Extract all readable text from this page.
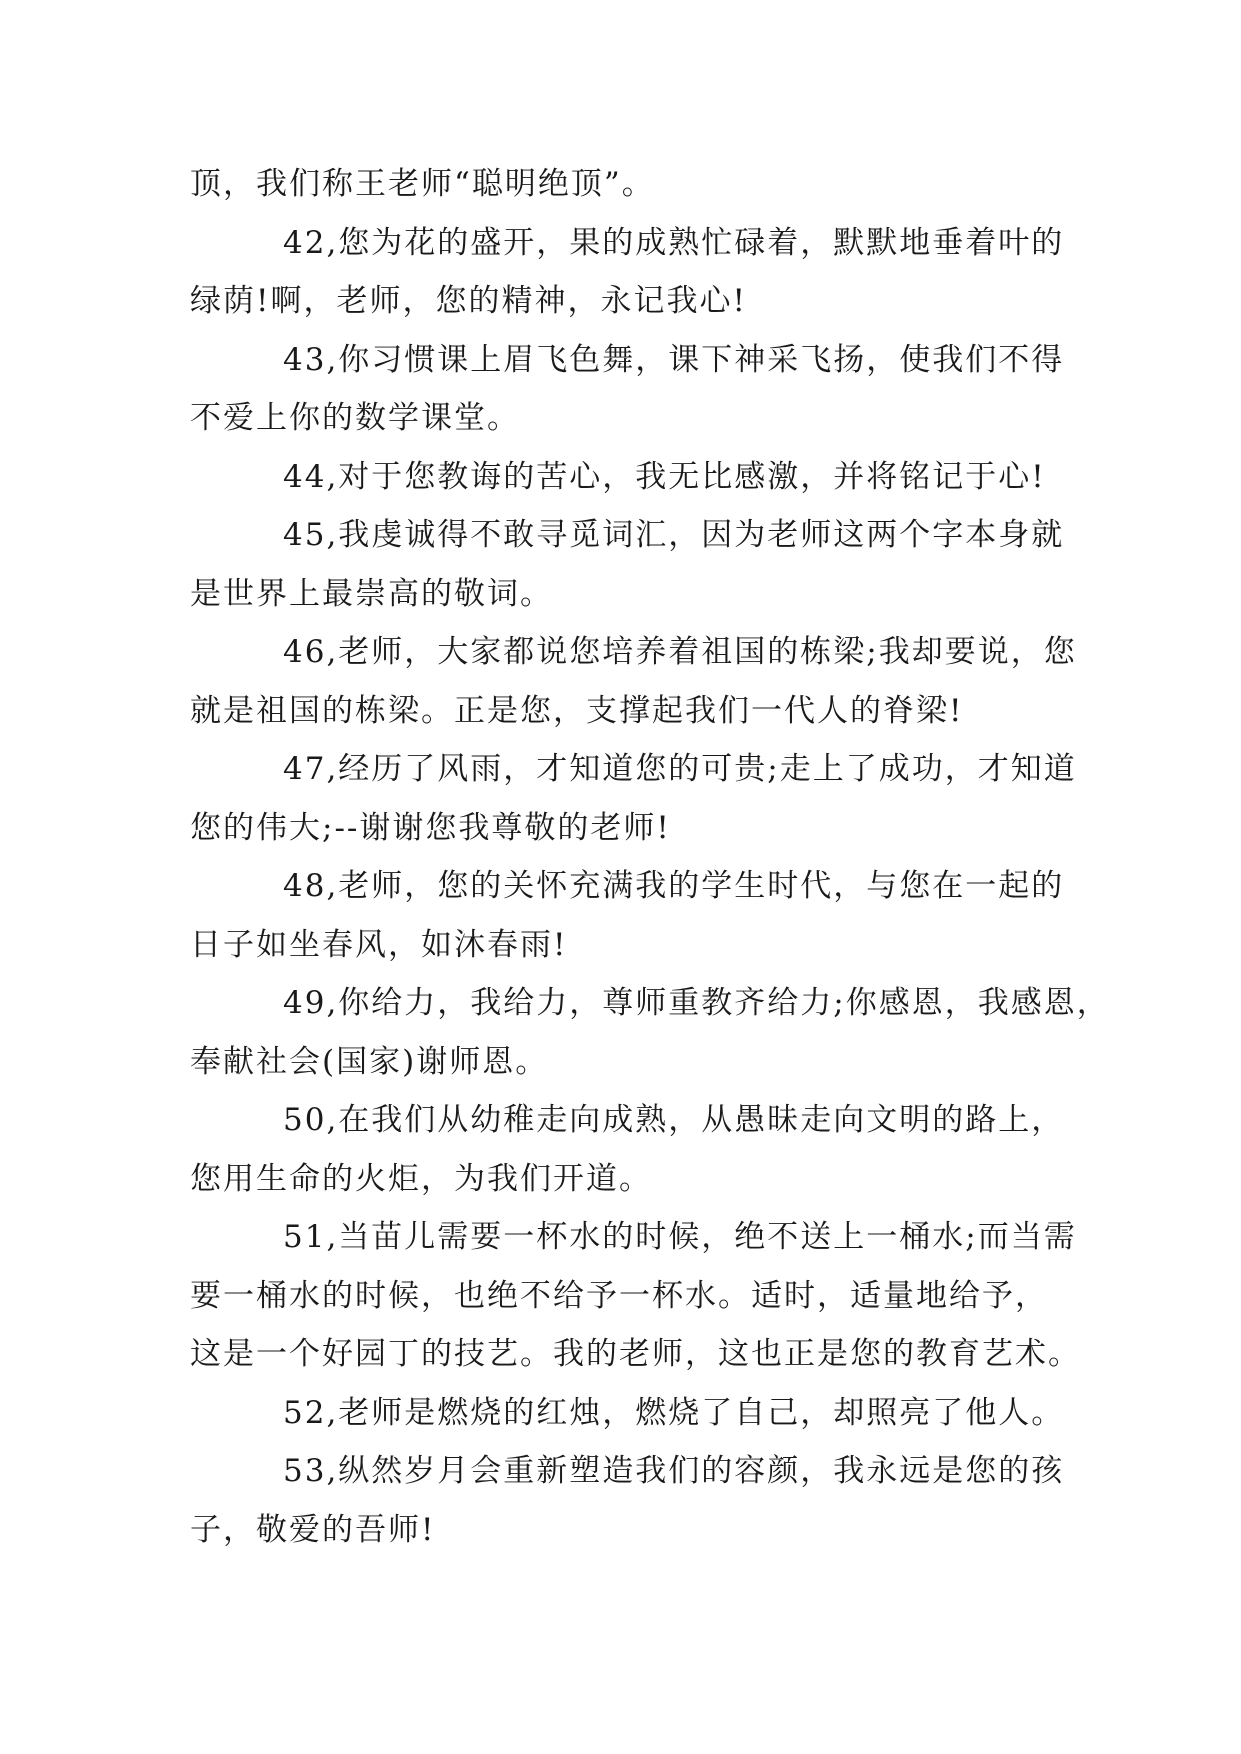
顶，我们称王老师“聪明绝顶”。
42,您为花的盛开，果的成熟忙碌着，默默地垂着叶的
绿荫!啊，老师，您的精神，永记我心!
43,你习惯课上眉飞色舞，课下神采飞扬，使我们不得
不爱上你的数学课堂。
44,对于您教诲的苦心，我无比感激，并将铭记于心!
45,我虔诚得不敢寻觅词汇，因为老师这两个字本身就
是世界上最崇高的敬词。
46,老师，大家都说您培养着祖国的栋梁;我却要说，您
就是祖国的栋梁。正是您，支撑起我们一代人的脊梁!
47,经历了风雨，才知道您的可贵;走上了成功，才知道
您的伟大;--谢谢您我尊敬的老师!
48,老师，您的关怀充满我的学生时代，与您在一起的
日子如坐春风，如沐春雨!
49,你给力，我给力，尊师重教齐给力;你感恩，我感恩，
奉献社会(国家)谢师恩。
50,在我们从幼稚走向成熟，从愚昧走向文明的路上，
您用生命的火炬，为我们开道。
51,当苗儿需要一杯水的时候，绝不送上一桶水;而当需
要一桶水的时候，也绝不给予一杯水。适时，适量地给予，
这是一个好园丁的技艺。我的老师，这也正是您的教育艺术。
52,老师是燃烧的红烛，燃烧了自己，却照亮了他人。
53,纵然岁月会重新塑造我们的容颜，我永远是您的孩
子，敬爱的吾师!
